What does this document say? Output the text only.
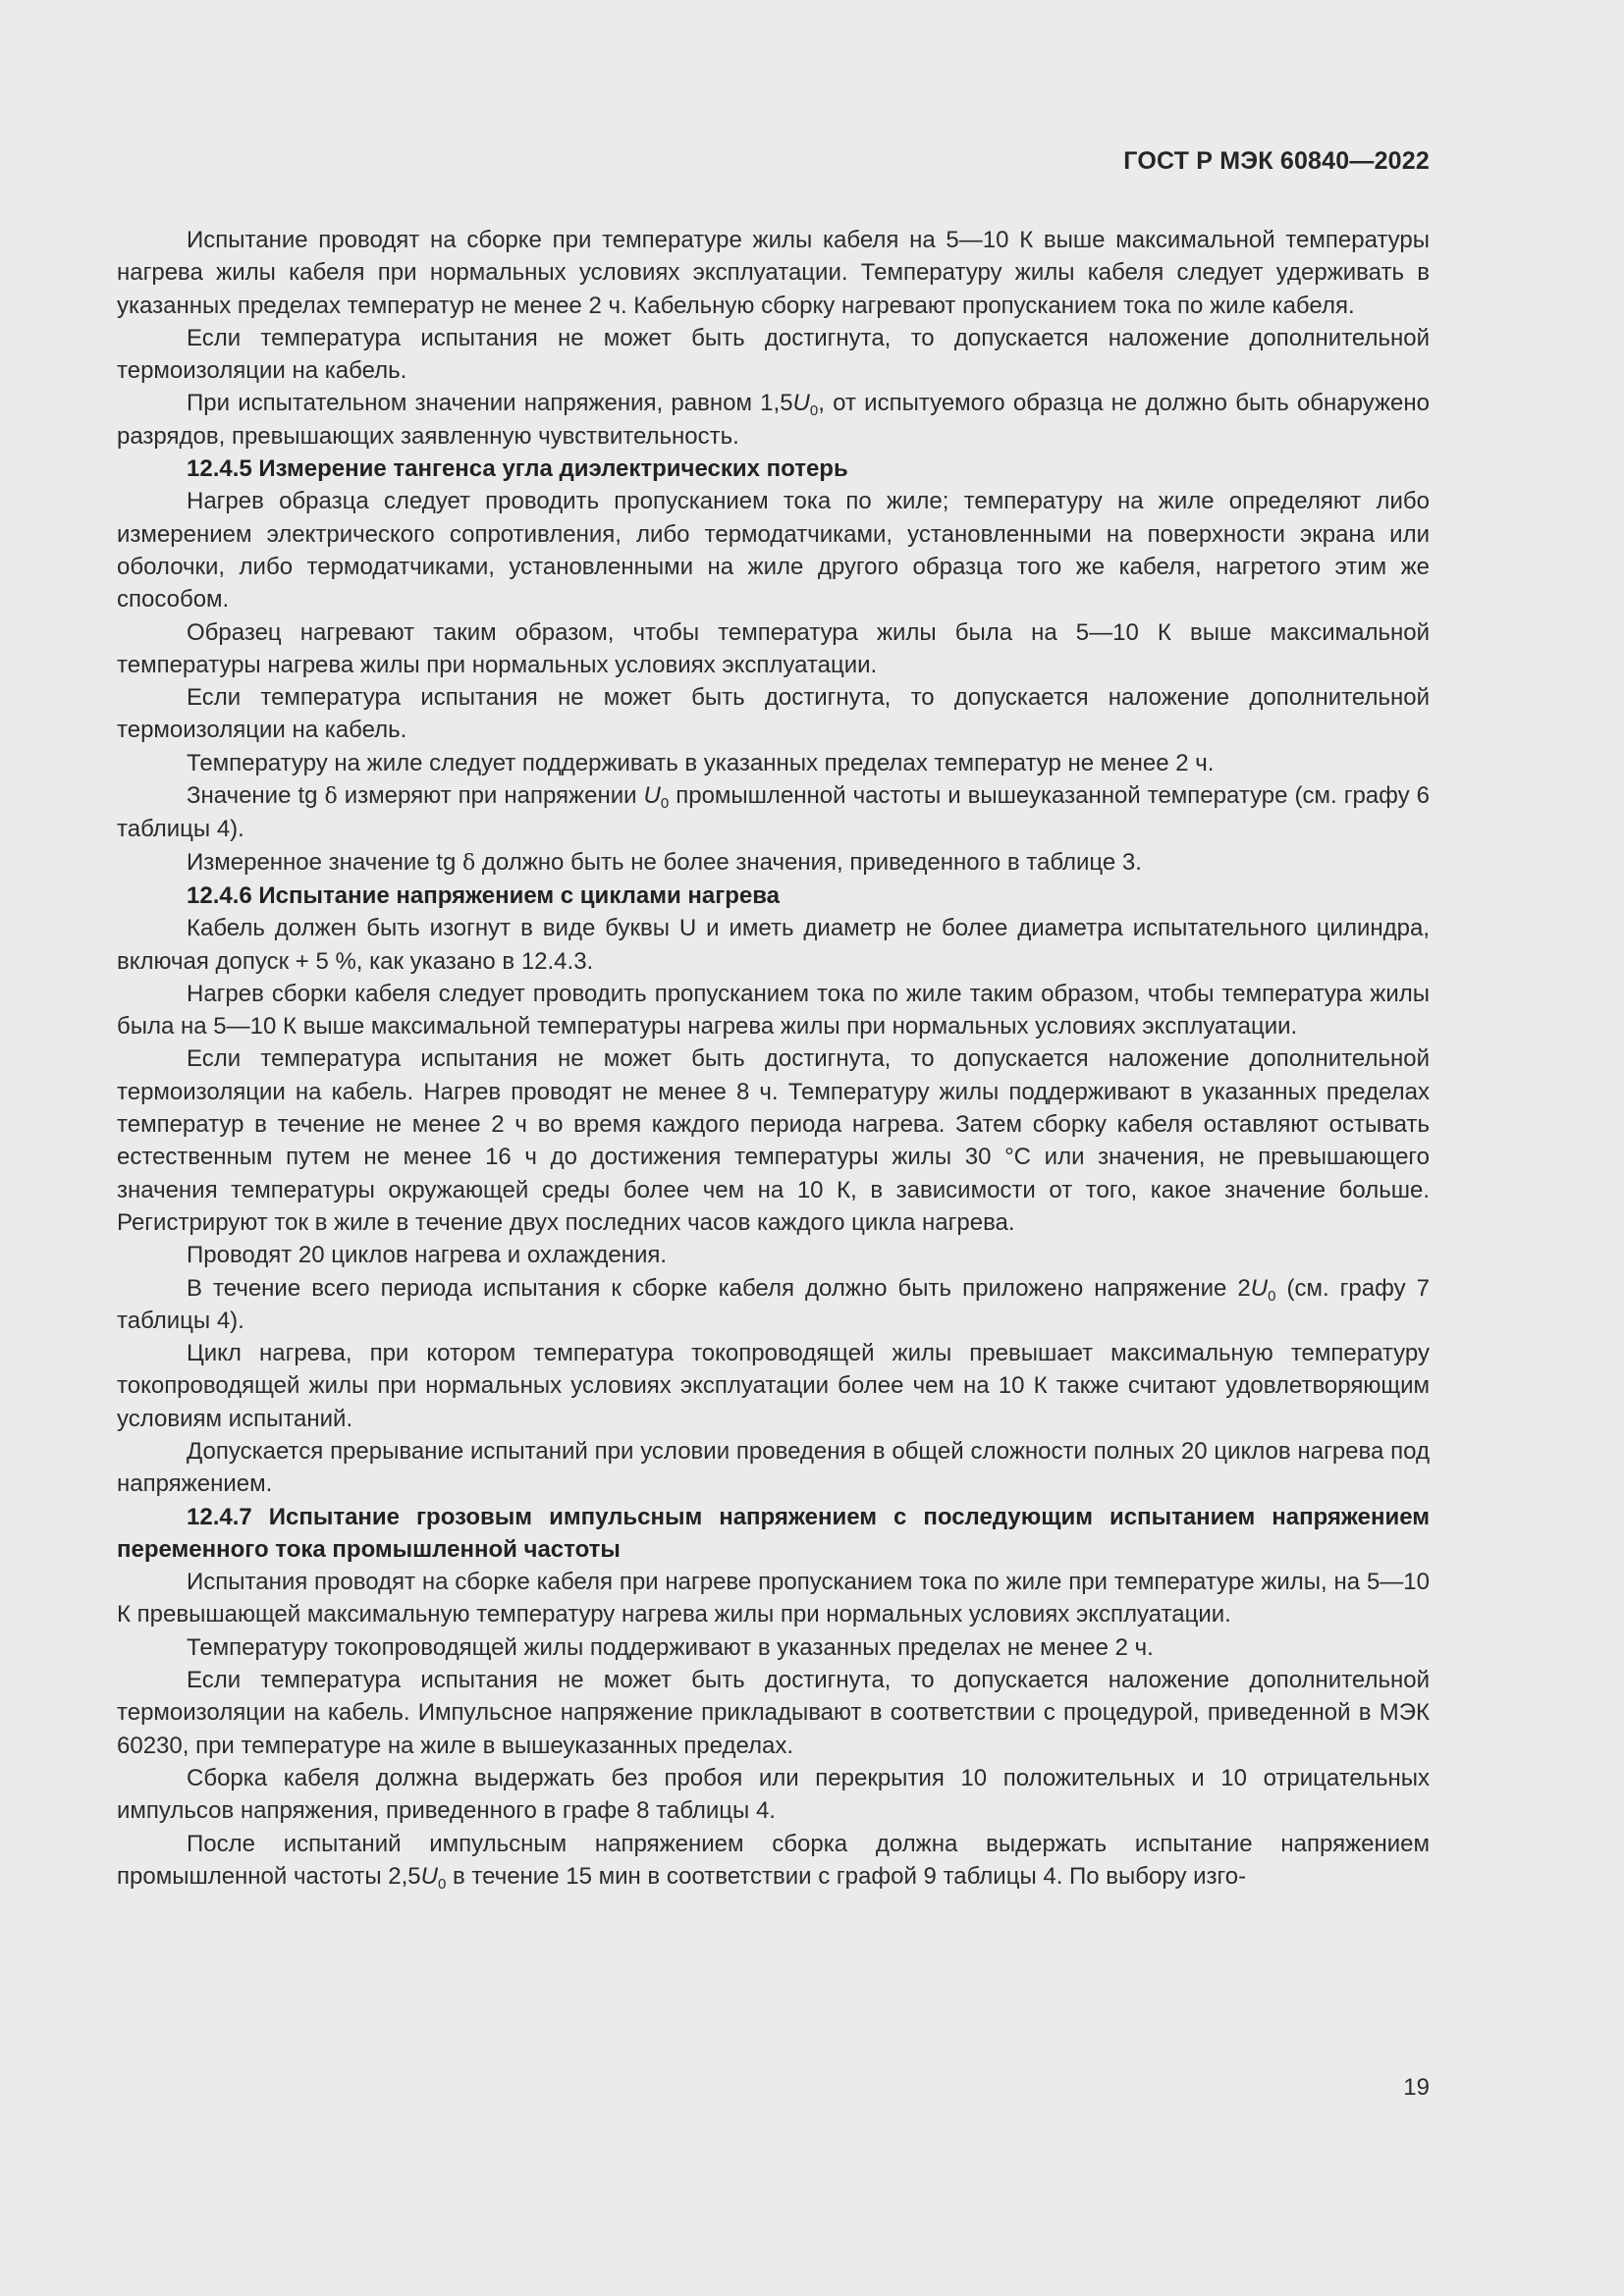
ГОСТ Р МЭК 60840—2022

Испытание проводят на сборке при температуре жилы кабеля на 5—10 К выше максимальной температуры нагрева жилы кабеля при нормальных условиях эксплуатации. Температуру жилы кабеля следует удерживать в указанных пределах температур не менее 2 ч. Кабельную сборку нагревают пропусканием тока по жиле кабеля.

Если температура испытания не может быть достигнута, то допускается наложение дополнительной термоизоляции на кабель.

При испытательном значении напряжения, равном $1,5U_0$, от испытуемого образца не должно быть обнаружено разрядов, превышающих заявленную чувствительность.

12.4.5 Измерение тангенса угла диэлектрических потерь

Нагрев образца следует проводить пропусканием тока по жиле; температуру на жиле определяют либо измерением электрического сопротивления, либо термодатчиками, установленными на поверхности экрана или оболочки, либо термодатчиками, установленными на жиле другого образца того же кабеля, нагретого этим же способом.

Образец нагревают таким образом, чтобы температура жилы была на 5—10 К выше максимальной температуры нагрева жилы при нормальных условиях эксплуатации.

Если температура испытания не может быть достигнута, то допускается наложение дополнительной термоизоляции на кабель.

Температуру на жиле следует поддерживать в указанных пределах температур не менее 2 ч.

Значение tg δ измеряют при напряжении $U_0$ промышленной частоты и вышеуказанной температуре (см. графу 6 таблицы 4).

Измеренное значение tg δ должно быть не более значения, приведенного в таблице 3.

12.4.6 Испытание напряжением с циклами нагрева

Кабель должен быть изогнут в виде буквы U и иметь диаметр не более диаметра испытательного цилиндра, включая допуск + 5 %, как указано в 12.4.3.

Нагрев сборки кабеля следует проводить пропусканием тока по жиле таким образом, чтобы температура жилы была на 5—10 К выше максимальной температуры нагрева жилы при нормальных условиях эксплуатации.

Если температура испытания не может быть достигнута, то допускается наложение дополнительной термоизоляции на кабель. Нагрев проводят не менее 8 ч. Температуру жилы поддерживают в указанных пределах температур в течение не менее 2 ч во время каждого периода нагрева. Затем сборку кабеля оставляют остывать естественным путем не менее 16 ч до достижения температуры жилы 30 °С или значения, не превышающего значения температуры окружающей среды более чем на 10 К, в зависимости от того, какое значение больше. Регистрируют ток в жиле в течение двух последних часов каждого цикла нагрева.

Проводят 20 циклов нагрева и охлаждения.

В течение всего периода испытания к сборке кабеля должно быть приложено напряжение $2U_0$ (см. графу 7 таблицы 4).

Цикл нагрева, при котором температура токопроводящей жилы превышает максимальную температуру токопроводящей жилы при нормальных условиях эксплуатации более чем на 10 К также считают удовлетворяющим условиям испытаний.

Допускается прерывание испытаний при условии проведения в общей сложности полных 20 циклов нагрева под напряжением.

12.4.7 Испытание грозовым импульсным напряжением с последующим испытанием напряжением переменного тока промышленной частоты

Испытания проводят на сборке кабеля при нагреве пропусканием тока по жиле при температуре жилы, на 5—10 К превышающей максимальную температуру нагрева жилы при нормальных условиях эксплуатации.

Температуру токопроводящей жилы поддерживают в указанных пределах не менее 2 ч.

Если температура испытания не может быть достигнута, то допускается наложение дополнительной термоизоляции на кабель. Импульсное напряжение прикладывают в соответствии с процедурой, приведенной в МЭК 60230, при температуре на жиле в вышеуказанных пределах.

Сборка кабеля должна выдержать без пробоя или перекрытия 10 положительных и 10 отрицательных импульсов напряжения, приведенного в графе 8 таблицы 4.

После испытаний импульсным напряжением сборка должна выдержать испытание напряжением промышленной частоты $2,5U_0$ в течение 15 мин в соответствии с графой 9 таблицы 4. По выбору изго-

19
